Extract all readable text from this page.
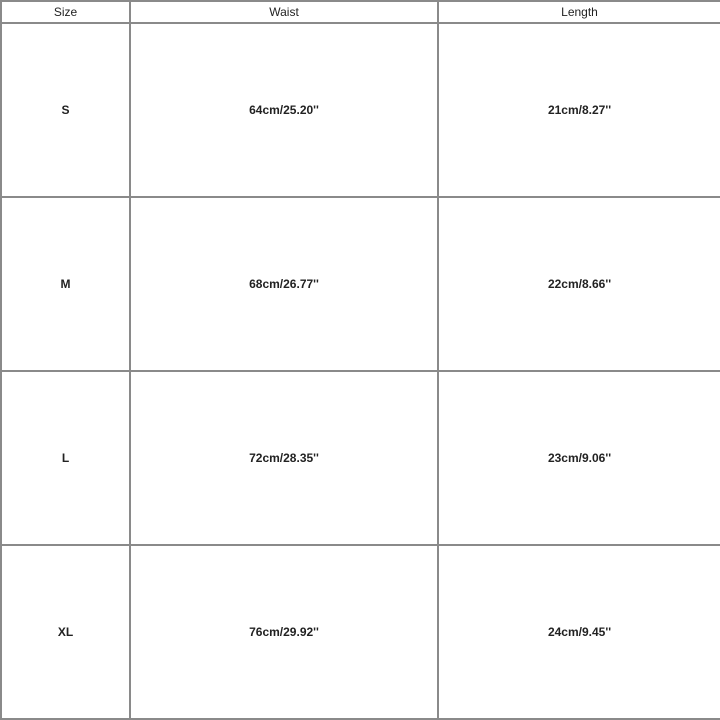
Size	Waist	Length
S	64cm/25.20''	21cm/8.27''
M	68cm/26.77''	22cm/8.66''
L	72cm/28.35''	23cm/9.06''
XL	76cm/29.92''	24cm/9.45''
